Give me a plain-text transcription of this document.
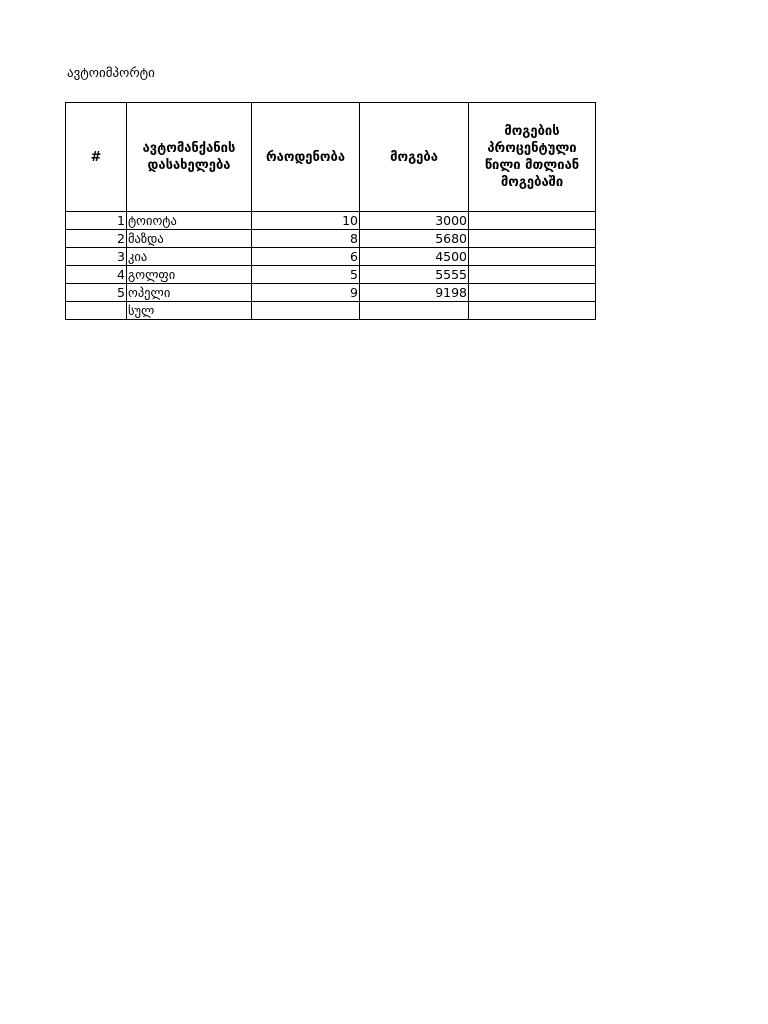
ავტოიმპორტი
#	ავტომანქანის დასახელება	რაოდენობა	მოგება	მოგების პროცენტული წილი მთლიან მოგებაში
1	ტოიოტა	10	3000	
2	მაზდა	8	5680	
3	კია	6	4500	
4	გოლფი	5	5555	
5	ოპელი	9	9198	
	სულ			
